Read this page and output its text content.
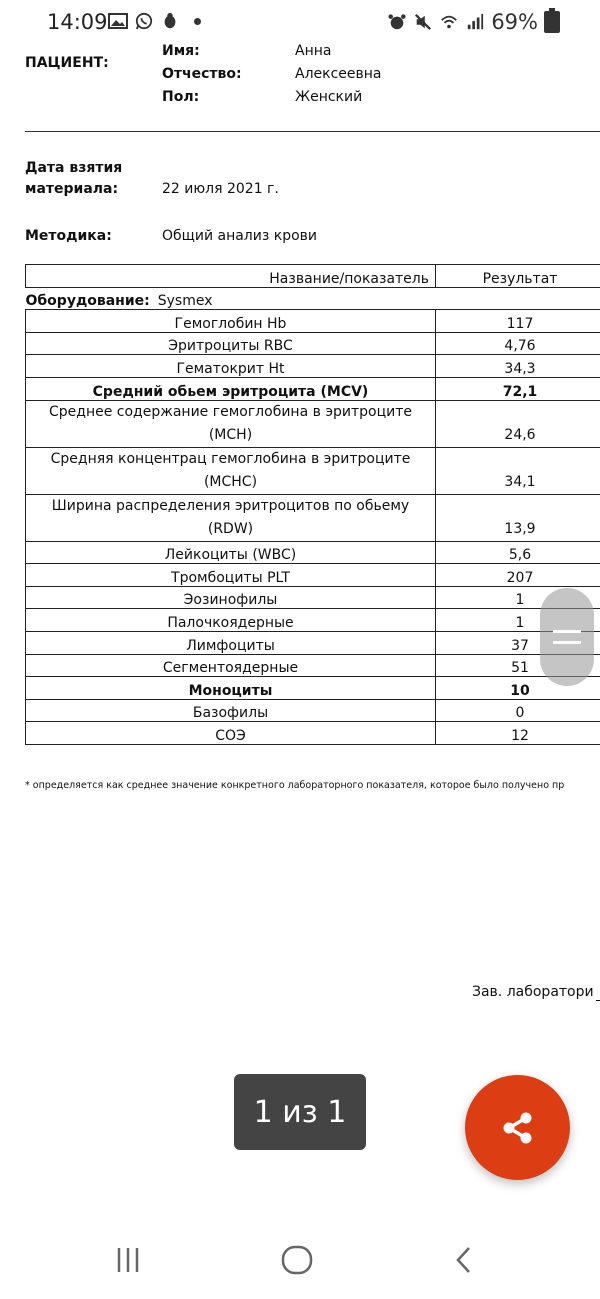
14:09	69%
ПАЦИЕНТ:
Имя:	Анна
Отчество:	Алексеевна
Пол:	Женский
Дата взятия
материала:	22 июля 2021 г.
Методика:	Общий анализ крови
Название/показатель	Результат
Оборудование: Sysmex	
Гемоглобин Hb	117
Эритроциты RBC	4,76
Гематокрит Ht	34,3
Средний обьем эритроцита (MCV)	72,1
Среднее содержание гемоглобина в эритроците
(MCH)	24,6
Средняя концентрац гемоглобина в эритроците
(MCHC)	34,1
Ширина распределения эритроцитов по обьему
(RDW)	13,9
Лейкоциты (WBC)	5,6
Тромбоциты PLT	207
Эозинофилы	1
Палочкоядерные	1
Лимфоциты	37
Сегментоядерные	51
Моноциты	10
Базофилы	0
СОЭ	12
* определяется как среднее значение конкретного лабораторного показателя, которое было получено пр
Зав. лаборатори
1 из 1
